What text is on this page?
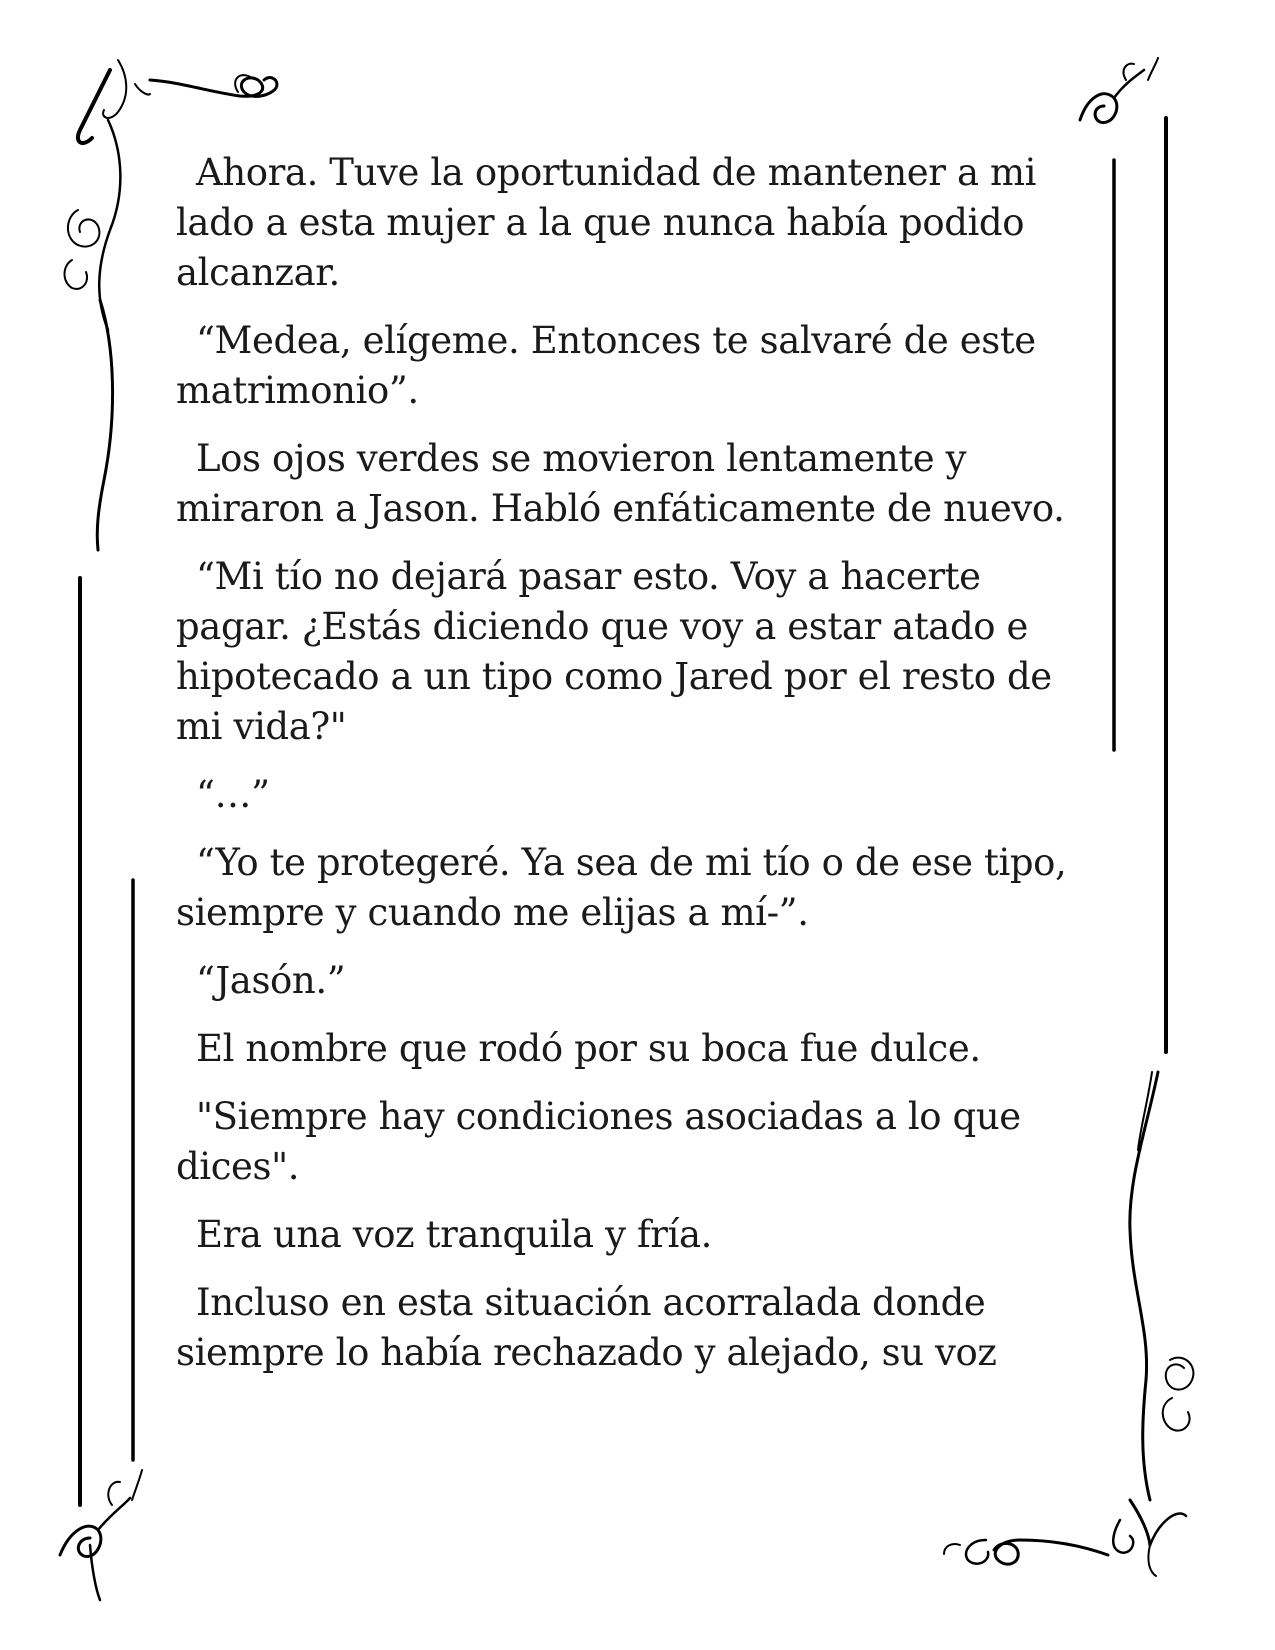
Ahora. Tuve la oportunidad de mantener a mi lado a esta mujer a la que nunca había podido alcanzar.

“Medea, elígeme. Entonces te salvaré de este matrimonio”.

Los ojos verdes se movieron lentamente y miraron a Jason. Habló enfáticamente de nuevo.

“Mi tío no dejará pasar esto. Voy a hacerte pagar. ¿Estás diciendo que voy a estar atado e hipotecado a un tipo como Jared por el resto de mi vida?"

“…”

“Yo te protegeré. Ya sea de mi tío o de ese tipo, siempre y cuando me elijas a mí-”.

“Jasón.”

El nombre que rodó por su boca fue dulce.

"Siempre hay condiciones asociadas a lo que dices".

Era una voz tranquila y fría.

Incluso en esta situación acorralada donde siempre lo había rechazado y alejado, su voz
